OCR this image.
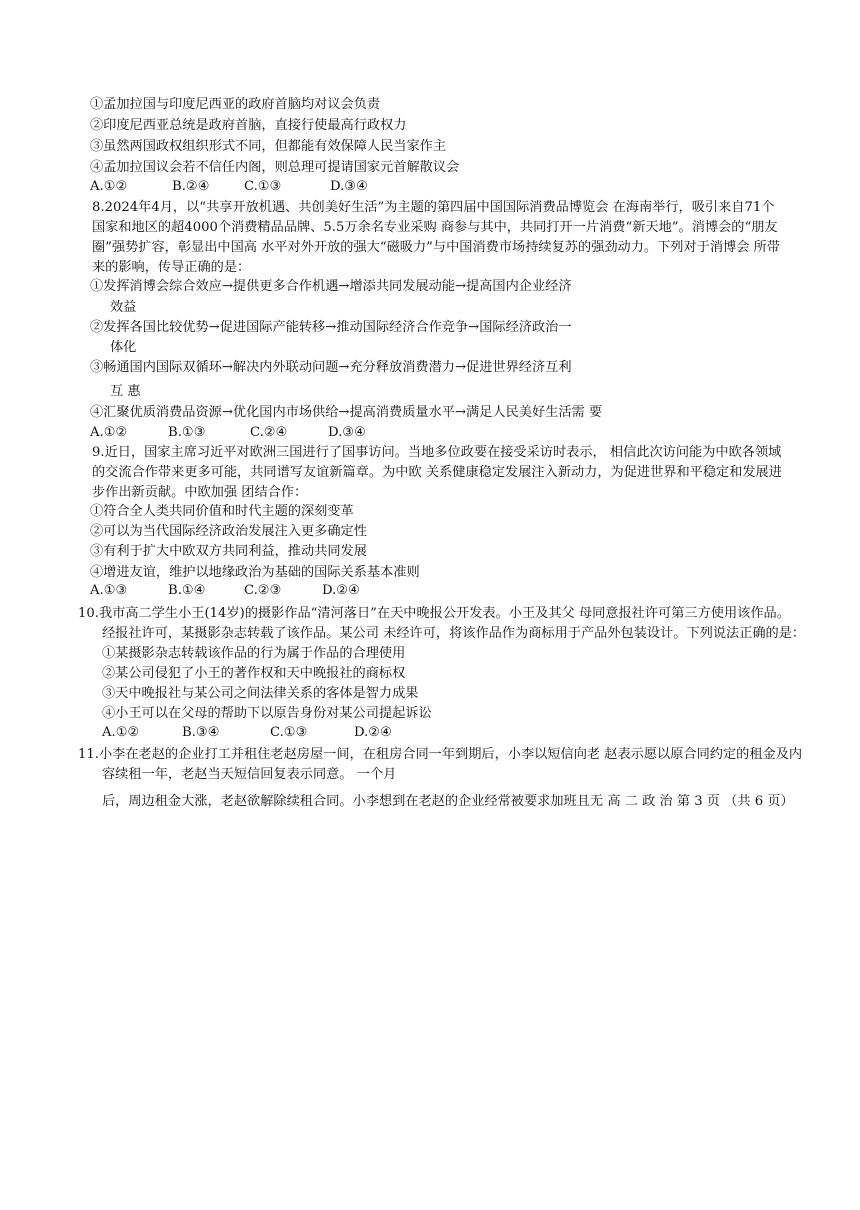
①孟加拉国与印度尼西亚的政府首脑均对议会负责
②印度尼西亚总统是政府首脑，直接行使最高行政权力
③虽然两国政权组织形式不同，但都能有效保障人民当家作主
④孟加拉国议会若不信任内阁，则总理可提请国家元首解散议会
A.①②	B.②④	C.①③	D.③④
8.2024年4月，以“共享开放机遇、共创美好生活”为主题的第四届中国国际消费品博览会 在海南举行，吸引来自71个国家和地区的超4000个消费精品品牌、5.5万余名专业采购 商参与其中，共同打开一片消费“新天地”。消博会的“朋友圈”强势扩容，彰显出中国高 水平对外开放的强大“磁吸力”与中国消费市场持续复苏的强劲动力。下列对于消博会 所带来的影响，传导正确的是：
①发挥消博会综合效应→提供更多合作机遇→增添共同发展动能→提高国内企业经济
效益
②发挥各国比较优势→促进国际产能转移→推动国际经济合作竞争→国际经济政治一
体化
③畅通国内国际双循环→解决内外联动问题→充分释放消费潜力→促进世界经济互利
互 惠
④汇聚优质消费品资源→优化国内市场供给→提高消费质量水平→满足人民美好生活需 要
A.①②	B.①③	C.②④	D.③④
9.近日，国家主席习近平对欧洲三国进行了国事访问。当地多位政要在接受采访时表示， 相信此次访问能为中欧各领域的交流合作带来更多可能，共同谱写友谊新篇章。为中欧 关系健康稳定发展注入新动力，为促进世界和平稳定和发展进步作出新贡献。中欧加强 团结合作：
①符合全人类共同价值和时代主题的深刻变革
②可以为当代国际经济政治发展注入更多确定性
③有利于扩大中欧双方共同利益，推动共同发展
④增进友谊，维护以地缘政治为基础的国际关系基本准则
A.①③	B.①④	C.②③	D.②④
10.我市高二学生小王(14岁)的摄影作品“清河落日”在天中晚报公开发表。小王及其父 母同意报社许可第三方使用该作品。
经报社许可，某摄影杂志转载了该作品。某公司 未经许可，将该作品作为商标用于产品外包装设计。下列说法正确的是：
①某摄影杂志转载该作品的行为属于作品的合理使用
②某公司侵犯了小王的著作权和天中晚报社的商标权
③天中晚报社与某公司之间法律关系的客体是智力成果
④小王可以在父母的帮助下以原告身份对某公司提起诉讼
A.①②	B.③④	C.①③	D.②④
11.小李在老赵的企业打工并租住老赵房屋一间，在租房合同一年到期后，小李以短信向老 赵表示愿以原合同约定的租金及内
容续租一年，老赵当天短信回复表示同意。 一个月
后，周边租金大涨，老赵欲解除续租合同。小李想到在老赵的企业经常被要求加班且无 高 二 政 治 第 3 页 （共 6 页）
